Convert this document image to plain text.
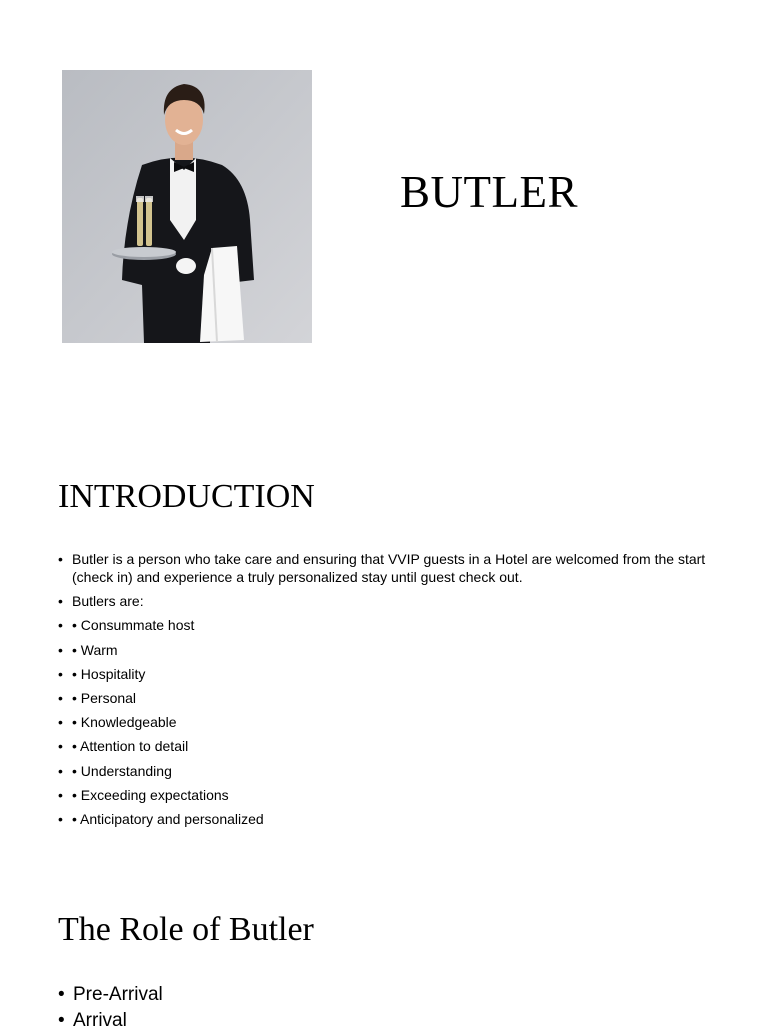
BUTLER
INTRODUCTION
• Butler is a person who take care and ensuring that VVIP guests in a Hotel are welcomed from the start (check in) and experience a truly personalized stay until guest check out.
• Butlers are:
• • Consummate host
• • Warm
• • Hospitality
• • Personal
• • Knowledgeable
• • Attention to detail
• • Understanding
• • Exceeding expectations
• • Anticipatory and personalized
The Role of Butler
• Pre-Arrival
• Arrival
